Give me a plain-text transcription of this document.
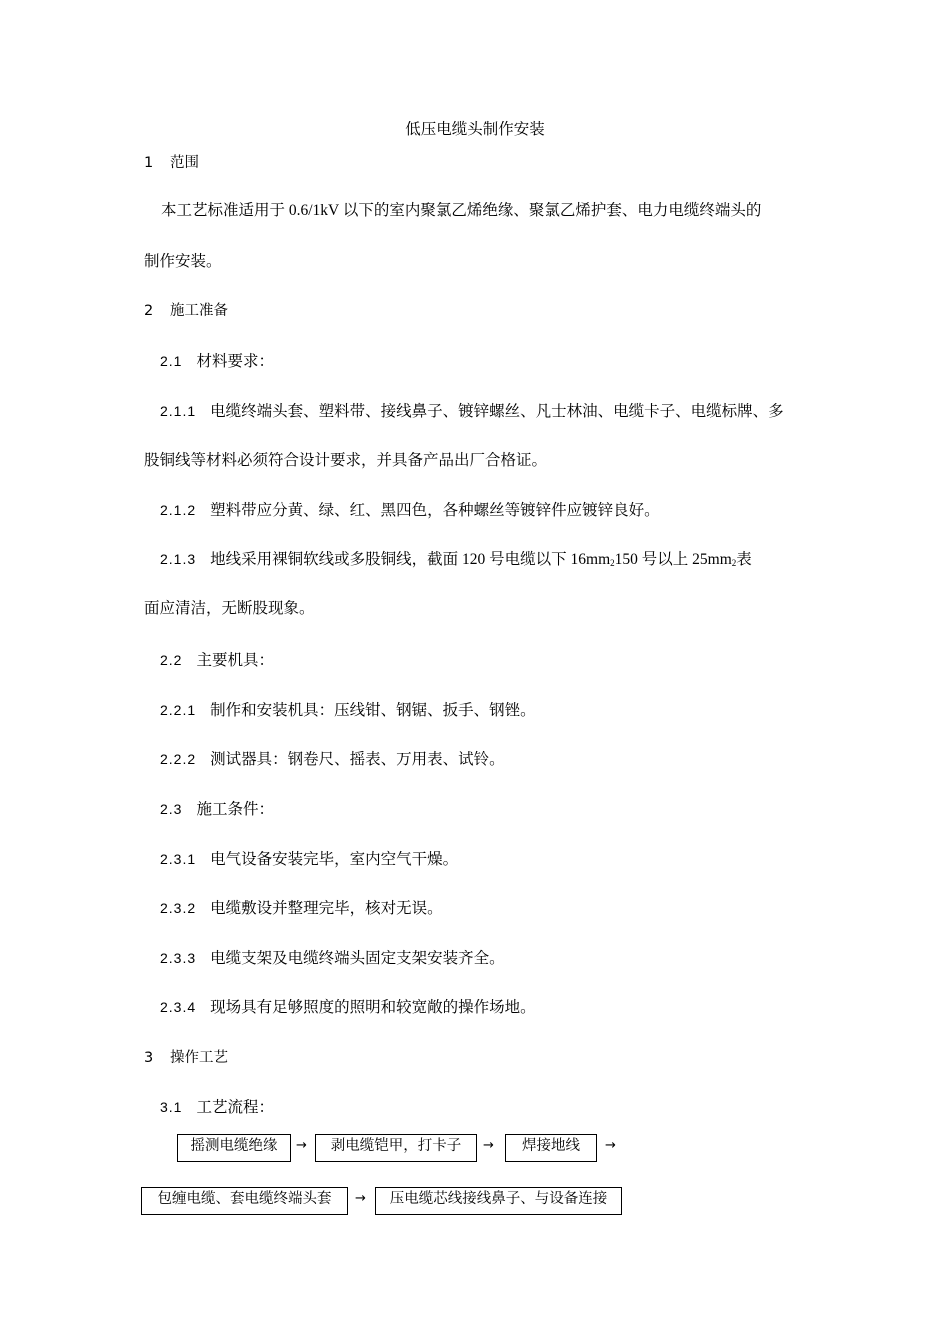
低压电缆头制作安装
1 范围
本工艺标准适用于 0.6/1kV 以下的室内聚氯乙烯绝缘、聚氯乙烯护套、电力电缆终端头的
制作安装。
2 施工准备
2.1 材料要求：
2.1.1 电缆终端头套、塑料带、接线鼻子、镀锌螺丝、凡士林油、电缆卡子、电缆标牌、多
股铜线等材料必须符合设计要求，并具备产品出厂合格证。
2.1.2 塑料带应分黄、绿、红、黑四色，各种螺丝等镀锌件应镀锌良好。
2.1.3 地线采用裸铜软线或多股铜线，截面 120 号电缆以下 $16mm_2150$ 号以上 $25mm_2$表
面应清洁，无断股现象。
2.2 主要机具：
2.2.1 制作和安装机具：压线钳、钢锯、扳手、钢锉。
2.2.2 测试器具：钢卷尺、摇表、万用表、试铃。
2.3 施工条件：
2.3.1 电气设备安装完毕，室内空气干燥。
2.3.2 电缆敷设并整理完毕，核对无误。
2.3.3 电缆支架及电缆终端头固定支架安装齐全。
2.3.4 现场具有足够照度的照明和较宽敞的操作场地。
3 操作工艺
3.1 工艺流程：
摇测电缆绝缘	→	剥电缆铠甲，打卡子	→	焊接地线	→
包缠电缆、套电缆终端头套	→	压电缆芯线接线鼻子、与设备连接
